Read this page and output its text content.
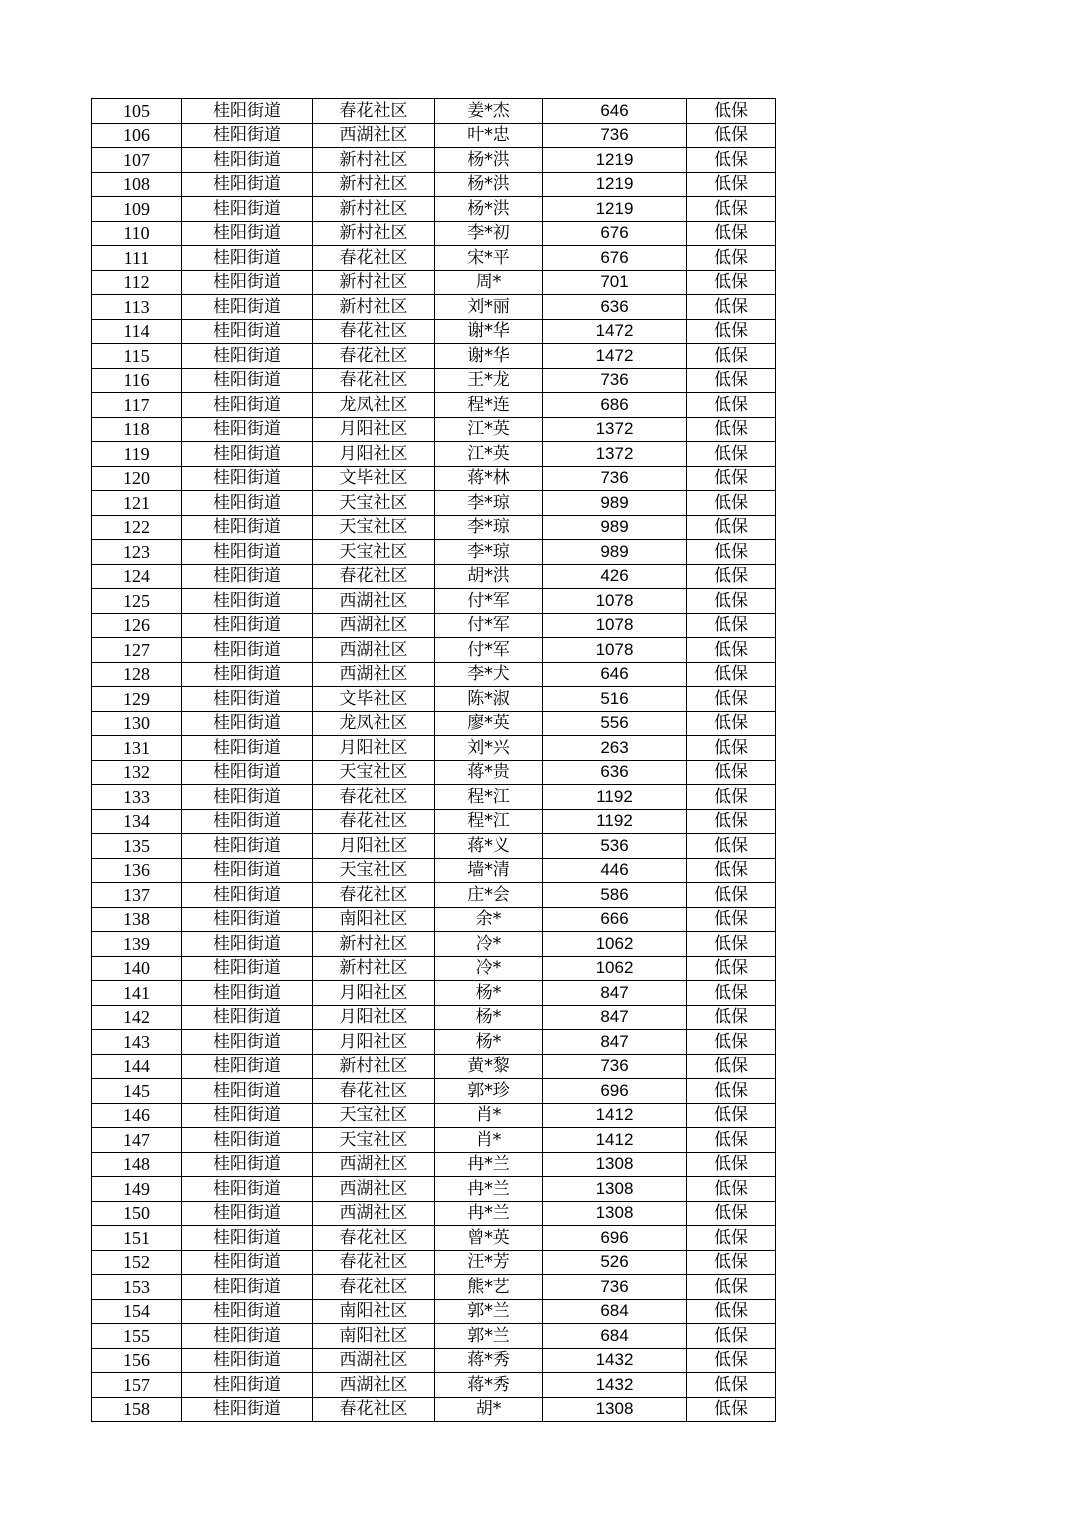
105	桂阳街道	春花社区	姜*杰	646	低保
106	桂阳街道	西湖社区	叶*忠	736	低保
107	桂阳街道	新村社区	杨*洪	1219	低保
108	桂阳街道	新村社区	杨*洪	1219	低保
109	桂阳街道	新村社区	杨*洪	1219	低保
110	桂阳街道	新村社区	李*初	676	低保
111	桂阳街道	春花社区	宋*平	676	低保
112	桂阳街道	新村社区	周*	701	低保
113	桂阳街道	新村社区	刘*丽	636	低保
114	桂阳街道	春花社区	谢*华	1472	低保
115	桂阳街道	春花社区	谢*华	1472	低保
116	桂阳街道	春花社区	王*龙	736	低保
117	桂阳街道	龙凤社区	程*连	686	低保
118	桂阳街道	月阳社区	江*英	1372	低保
119	桂阳街道	月阳社区	江*英	1372	低保
120	桂阳街道	文毕社区	蒋*林	736	低保
121	桂阳街道	天宝社区	李*琼	989	低保
122	桂阳街道	天宝社区	李*琼	989	低保
123	桂阳街道	天宝社区	李*琼	989	低保
124	桂阳街道	春花社区	胡*洪	426	低保
125	桂阳街道	西湖社区	付*军	1078	低保
126	桂阳街道	西湖社区	付*军	1078	低保
127	桂阳街道	西湖社区	付*军	1078	低保
128	桂阳街道	西湖社区	李*犬	646	低保
129	桂阳街道	文毕社区	陈*淑	516	低保
130	桂阳街道	龙凤社区	廖*英	556	低保
131	桂阳街道	月阳社区	刘*兴	263	低保
132	桂阳街道	天宝社区	蒋*贵	636	低保
133	桂阳街道	春花社区	程*江	1192	低保
134	桂阳街道	春花社区	程*江	1192	低保
135	桂阳街道	月阳社区	蒋*义	536	低保
136	桂阳街道	天宝社区	墙*清	446	低保
137	桂阳街道	春花社区	庄*会	586	低保
138	桂阳街道	南阳社区	余*	666	低保
139	桂阳街道	新村社区	冷*	1062	低保
140	桂阳街道	新村社区	冷*	1062	低保
141	桂阳街道	月阳社区	杨*	847	低保
142	桂阳街道	月阳社区	杨*	847	低保
143	桂阳街道	月阳社区	杨*	847	低保
144	桂阳街道	新村社区	黄*黎	736	低保
145	桂阳街道	春花社区	郭*珍	696	低保
146	桂阳街道	天宝社区	肖*	1412	低保
147	桂阳街道	天宝社区	肖*	1412	低保
148	桂阳街道	西湖社区	冉*兰	1308	低保
149	桂阳街道	西湖社区	冉*兰	1308	低保
150	桂阳街道	西湖社区	冉*兰	1308	低保
151	桂阳街道	春花社区	曾*英	696	低保
152	桂阳街道	春花社区	汪*芳	526	低保
153	桂阳街道	春花社区	熊*艺	736	低保
154	桂阳街道	南阳社区	郭*兰	684	低保
155	桂阳街道	南阳社区	郭*兰	684	低保
156	桂阳街道	西湖社区	蒋*秀	1432	低保
157	桂阳街道	西湖社区	蒋*秀	1432	低保
158	桂阳街道	春花社区	胡*	1308	低保
